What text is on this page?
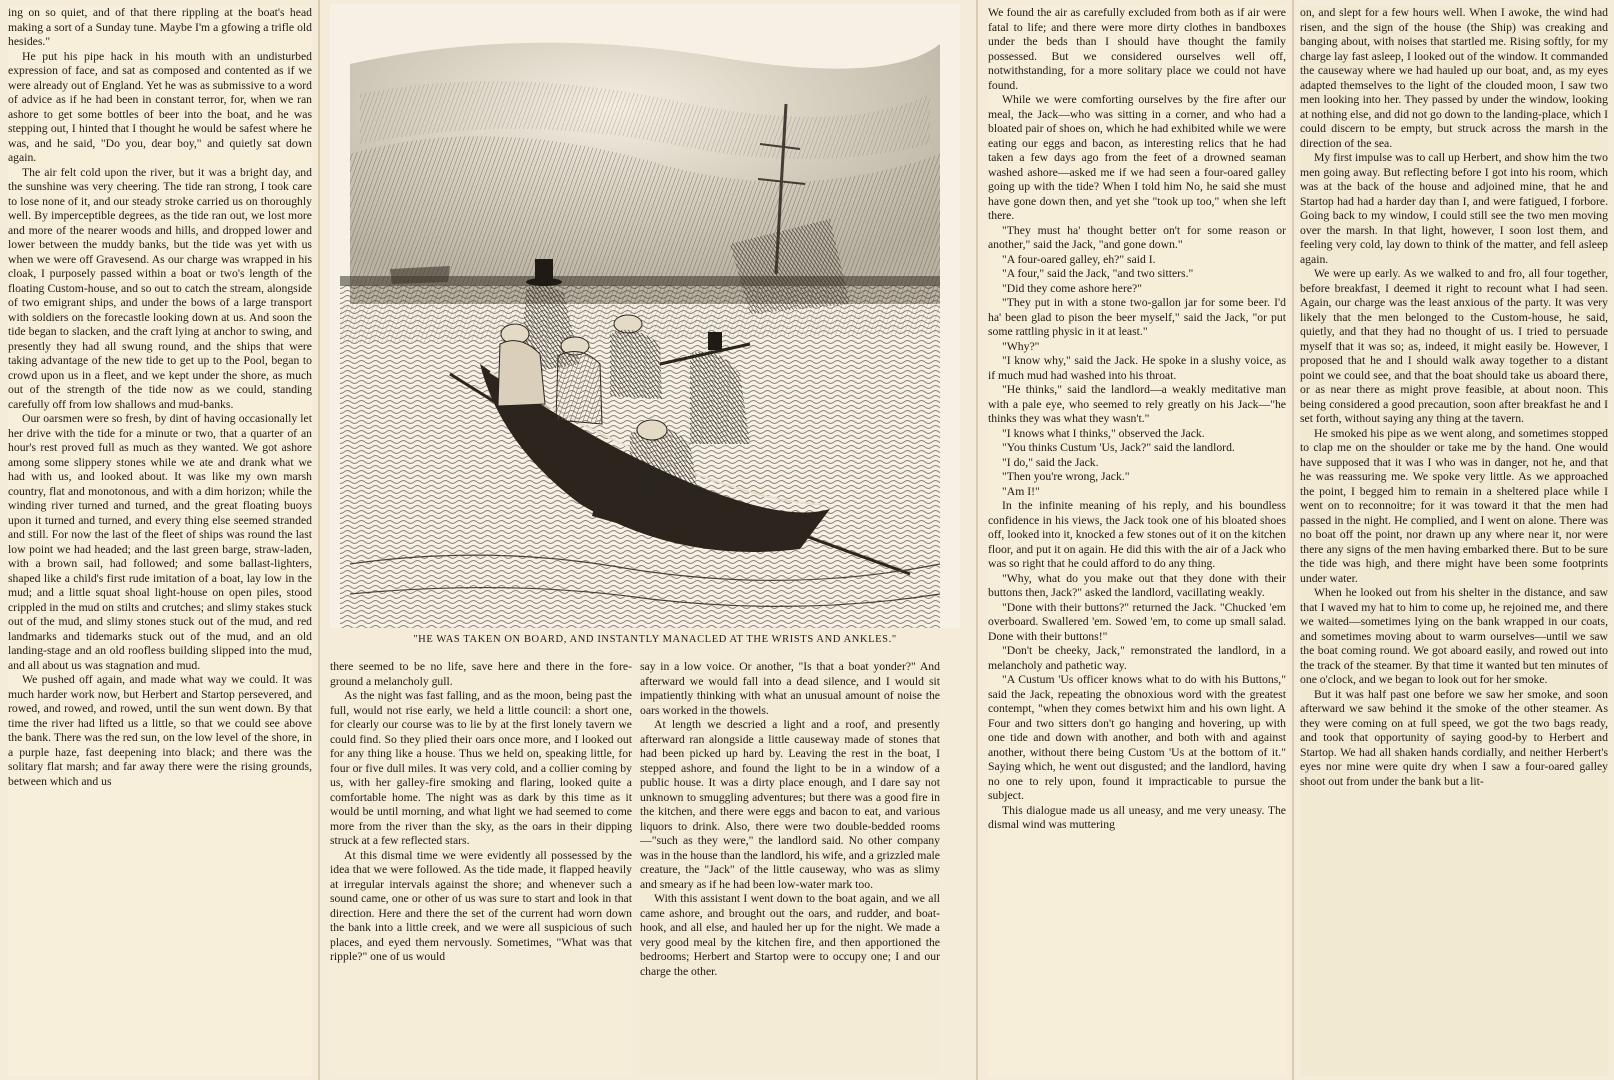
ing on so quiet, and of that there rippling at the boat's head making a sort of a Sunday tune. Maybe I'm a gfowing a trifle old hesides."

He put his pipe hack in his mouth with an undisturbed expression of face, and sat as composed and contented as if we were already out of England. Yet he was as submissive to a word of advice as if he had been in constant terror, for, when we ran ashore to get some bottles of beer into the boat, and he was stepping out, I hinted that I thought he would be safest where he was, and he said, "Do you, dear boy," and quietly sat down again.

The air felt cold upon the river, but it was a bright day, and the sunshine was very cheering. The tide ran strong, I took care to lose none of it, and our steady stroke carried us on thoroughly well. By imperceptible degrees, as the tide ran out, we lost more and more of the nearer woods and hills, and dropped lower and lower between the muddy banks, but the tide was yet with us when we were off Gravesend. As our charge was wrapped in his cloak, I purposely passed within a boat or two's length of the floating Custom-house, and so out to catch the stream, alongside of two emigrant ships, and under the bows of a large transport with soldiers on the forecastle looking down at us. And soon the tide began to slacken, and the craft lying at anchor to swing, and presently they had all swung round, and the ships that were taking advantage of the new tide to get up to the Pool, began to crowd upon us in a fleet, and we kept under the shore, as much out of the strength of the tide now as we could, standing carefully off from low shallows and mud-banks.

Our oarsmen were so fresh, by dint of having occasionally let her drive with the tide for a minute or two, that a quarter of an hour's rest proved full as much as they wanted. We got ashore among some slippery stones while we ate and drank what we had with us, and looked about. It was like my own marsh country, flat and monotonous, and with a dim horizon; while the winding river turned and turned, and the great floating buoys upon it turned and turned, and every thing else seemed stranded and still. For now the last of the fleet of ships was round the last low point we had headed; and the last green barge, straw-laden, with a brown sail, had followed; and some ballast-lighters, shaped like a child's first rude imitation of a boat, lay low in the mud; and a little squat shoal light-house on open piles, stood crippled in the mud on stilts and crutches; and slimy stakes stuck out of the mud, and slimy stones stuck out of the mud, and red landmarks and tidemarks stuck out of the mud, and an old landing-stage and an old roofless building slipped into the mud, and all about us was stagnation and mud.

We pushed off again, and made what way we could. It was much harder work now, but Herbert and Startop persevered, and rowed, and rowed, and rowed, until the sun went down. By that time the river had lifted us a little, so that we could see above the bank. There was the red sun, on the low level of the shore, in a purple haze, fast deepening into black; and there was the solitary flat marsh; and far away there were the rising grounds, between which and us

"HE WAS TAKEN ON BOARD, AND INSTANTLY MANACLED AT THE WRISTS AND ANKLES."

there seemed to be no life, save here and there in the fore-ground a melancholy gull.

As the night was fast falling, and as the moon, being past the full, would not rise early, we held a little council: a short one, for clearly our course was to lie by at the first lonely tavern we could find. So they plied their oars once more, and I looked out for any thing like a house. Thus we held on, speaking little, for four or five dull miles. It was very cold, and a collier coming by us, with her galley-fire smoking and flaring, looked quite a comfortable home. The night was as dark by this time as it would be until morning, and what light we had seemed to come more from the river than the sky, as the oars in their dipping struck at a few reflected stars.

At this dismal time we were evidently all possessed by the idea that we were followed. As the tide made, it flapped heavily at irregular intervals against the shore; and whenever such a sound came, one or other of us was sure to start and look in that direction. Here and there the set of the current had worn down the bank into a little creek, and we were all suspicious of such places, and eyed them nervously. Sometimes, "What was that ripple?" one of us would

say in a low voice. Or another, "Is that a boat yonder?" And afterward we would fall into a dead silence, and I would sit impatiently thinking with what an unusual amount of noise the oars worked in the thowels.

At length we descried a light and a roof, and presently afterward ran alongside a little causeway made of stones that had been picked up hard by. Leaving the rest in the boat, I stepped ashore, and found the light to be in a window of a public house. It was a dirty place enough, and I dare say not unknown to smuggling adventures; but there was a good fire in the kitchen, and there were eggs and bacon to eat, and various liquors to drink. Also, there were two double-bedded rooms—"such as they were," the landlord said. No other company was in the house than the landlord, his wife, and a grizzled male creature, the "Jack" of the little causeway, who was as slimy and smeary as if he had been low-water mark too.

With this assistant I went down to the boat again, and we all came ashore, and brought out the oars, and rudder, and boat-hook, and all else, and hauled her up for the night. We made a very good meal by the kitchen fire, and then apportioned the bedrooms; Herbert and Startop were to occupy one; I and our charge the other.

We found the air as carefully excluded from both as if air were fatal to life; and there were more dirty clothes in bandboxes under the beds than I should have thought the family possessed. But we considered ourselves well off, notwithstanding, for a more solitary place we could not have found.

While we were comforting ourselves by the fire after our meal, the Jack—who was sitting in a corner, and who had a bloated pair of shoes on, which he had exhibited while we were eating our eggs and bacon, as interesting relics that he had taken a few days ago from the feet of a drowned seaman washed ashore—asked me if we had seen a four-oared galley going up with the tide? When I told him No, he said she must have gone down then, and yet she "took up too," when she left there.

"They must ha' thought better on't for some reason or another," said the Jack, "and gone down."

"A four-oared galley, eh?" said I.

"A four," said the Jack, "and two sitters."

"Did they come ashore here?"

"They put in with a stone two-gallon jar for some beer. I'd ha' been glad to pison the beer myself," said the Jack, "or put some rattling physic in it at least."

"Why?"

"I know why," said the Jack. He spoke in a slushy voice, as if much mud had washed into his throat.

"He thinks," said the landlord—a weakly meditative man with a pale eye, who seemed to rely greatly on his Jack—"he thinks they was what they wasn't."

"I knows what I thinks," observed the Jack.

"You thinks Custum 'Us, Jack?" said the landlord.

"I do," said the Jack.

"Then you're wrong, Jack."

"Am I!"

In the infinite meaning of his reply, and his boundless confidence in his views, the Jack took one of his bloated shoes off, looked into it, knocked a few stones out of it on the kitchen floor, and put it on again. He did this with the air of a Jack who was so right that he could afford to do any thing.

"Why, what do you make out that they done with their buttons then, Jack?" asked the landlord, vacillating weakly.

"Done with their buttons?" returned the Jack. "Chucked 'em overboard. Swallered 'em. Sowed 'em, to come up small salad. Done with their buttons!"

"Don't be cheeky, Jack," remonstrated the landlord, in a melancholy and pathetic way.

"A Custum 'Us officer knows what to do with his Buttons," said the Jack, repeating the obnoxious word with the greatest contempt, "when they comes betwixt him and his own light. A Four and two sitters don't go hanging and hovering, up with one tide and down with another, and both with and against another, without there being Custom 'Us at the bottom of it." Saying which, he went out disgusted; and the landlord, having no one to rely upon, found it impracticable to pursue the subject.

This dialogue made us all uneasy, and me very uneasy. The dismal wind was muttering

on, and slept for a few hours well. When I awoke, the wind had risen, and the sign of the house (the Ship) was creaking and banging about, with noises that startled me. Rising softly, for my charge lay fast asleep, I looked out of the window. It commanded the causeway where we had hauled up our boat, and, as my eyes adapted themselves to the light of the clouded moon, I saw two men looking into her. They passed by under the window, looking at nothing else, and did not go down to the landing-place, which I could discern to be empty, but struck across the marsh in the direction of the sea.

My first impulse was to call up Herbert, and show him the two men going away. But reflecting before I got into his room, which was at the back of the house and adjoined mine, that he and Startop had had a harder day than I, and were fatigued, I forbore. Going back to my window, I could still see the two men moving over the marsh. In that light, however, I soon lost them, and feeling very cold, lay down to think of the matter, and fell asleep again.

We were up early. As we walked to and fro, all four together, before breakfast, I deemed it right to recount what I had seen. Again, our charge was the least anxious of the party. It was very likely that the men belonged to the Custom-house, he said, quietly, and that they had no thought of us. I tried to persuade myself that it was so; as, indeed, it might easily be. However, I proposed that he and I should walk away together to a distant point we could see, and that the boat should take us aboard there, or as near there as might prove feasible, at about noon. This being considered a good precaution, soon after breakfast he and I set forth, without saying any thing at the tavern.

He smoked his pipe as we went along, and sometimes stopped to clap me on the shoulder or take me by the hand. One would have supposed that it was I who was in danger, not he, and that he was reassuring me. We spoke very little. As we approached the point, I begged him to remain in a sheltered place while I went on to reconnoitre; for it was toward it that the men had passed in the night. He complied, and I went on alone. There was no boat off the point, nor drawn up any where near it, nor were there any signs of the men having embarked there. But to be sure the tide was high, and there might have been some footprints under water.

When he looked out from his shelter in the distance, and saw that I waved my hat to him to come up, he rejoined me, and there we waited—sometimes lying on the bank wrapped in our coats, and sometimes moving about to warm ourselves—until we saw the boat coming round. We got aboard easily, and rowed out into the track of the steamer. By that time it wanted but ten minutes of one o'clock, and we began to look out for her smoke.

But it was half past one before we saw her smoke, and soon afterward we saw behind it the smoke of the other steamer. As they were coming on at full speed, we got the two bags ready, and took that opportunity of saying good-by to Herbert and Startop. We had all shaken hands cordially, and neither Herbert's eyes nor mine were quite dry when I saw a four-oared galley shoot out from under the bank but a lit-
